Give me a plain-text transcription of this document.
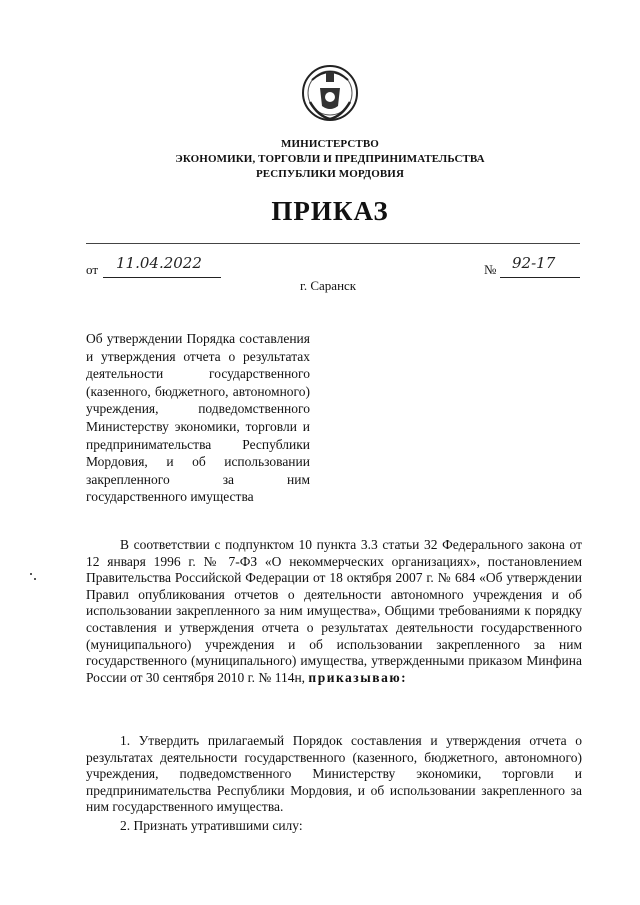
МИНИСТЕРСТВО
ЭКОНОМИКИ, ТОРГОВЛИ И ПРЕДПРИНИМАТЕЛЬСТВА
РЕСПУБЛИКИ МОРДОВИЯ
ПРИКАЗ
от 11.04.2022	№ 92-17
г. Саранск
Об утверждении Порядка составления и утверждения отчета о результатах деятельности государственного (казенного, бюджетного, автономного) учреждения, подведомственного Министерству экономики, торговли и предпринимательства Республики Мордовия, и об использовании закрепленного за ним государственного имущества
В соответствии с подпунктом 10 пункта 3.3 статьи 32 Федерального закона от 12 января 1996 г. № 7-ФЗ «О некоммерческих организациях», постановлением Правительства Российской Федерации от 18 октября 2007 г. № 684 «Об утверждении Правил опубликования отчетов о деятельности автономного учреждения и об использовании закрепленного за ним имущества», Общими требованиями к порядку составления и утверждения отчета о результатах деятельности государственного (муниципального) учреждения и об использовании закрепленного за ним государственного (муниципального) имущества, утвержденными приказом Минфина России от 30 сентября 2010 г. № 114н, приказываю:
1. Утвердить прилагаемый Порядок составления и утверждения отчета о результатах деятельности государственного (казенного, бюджетного, автономного) учреждения, подведомственного Министерству экономики, торговли и предпринимательства Республики Мордовия, и об использовании закрепленного за ним государственного имущества.
2. Признать утратившими силу:
